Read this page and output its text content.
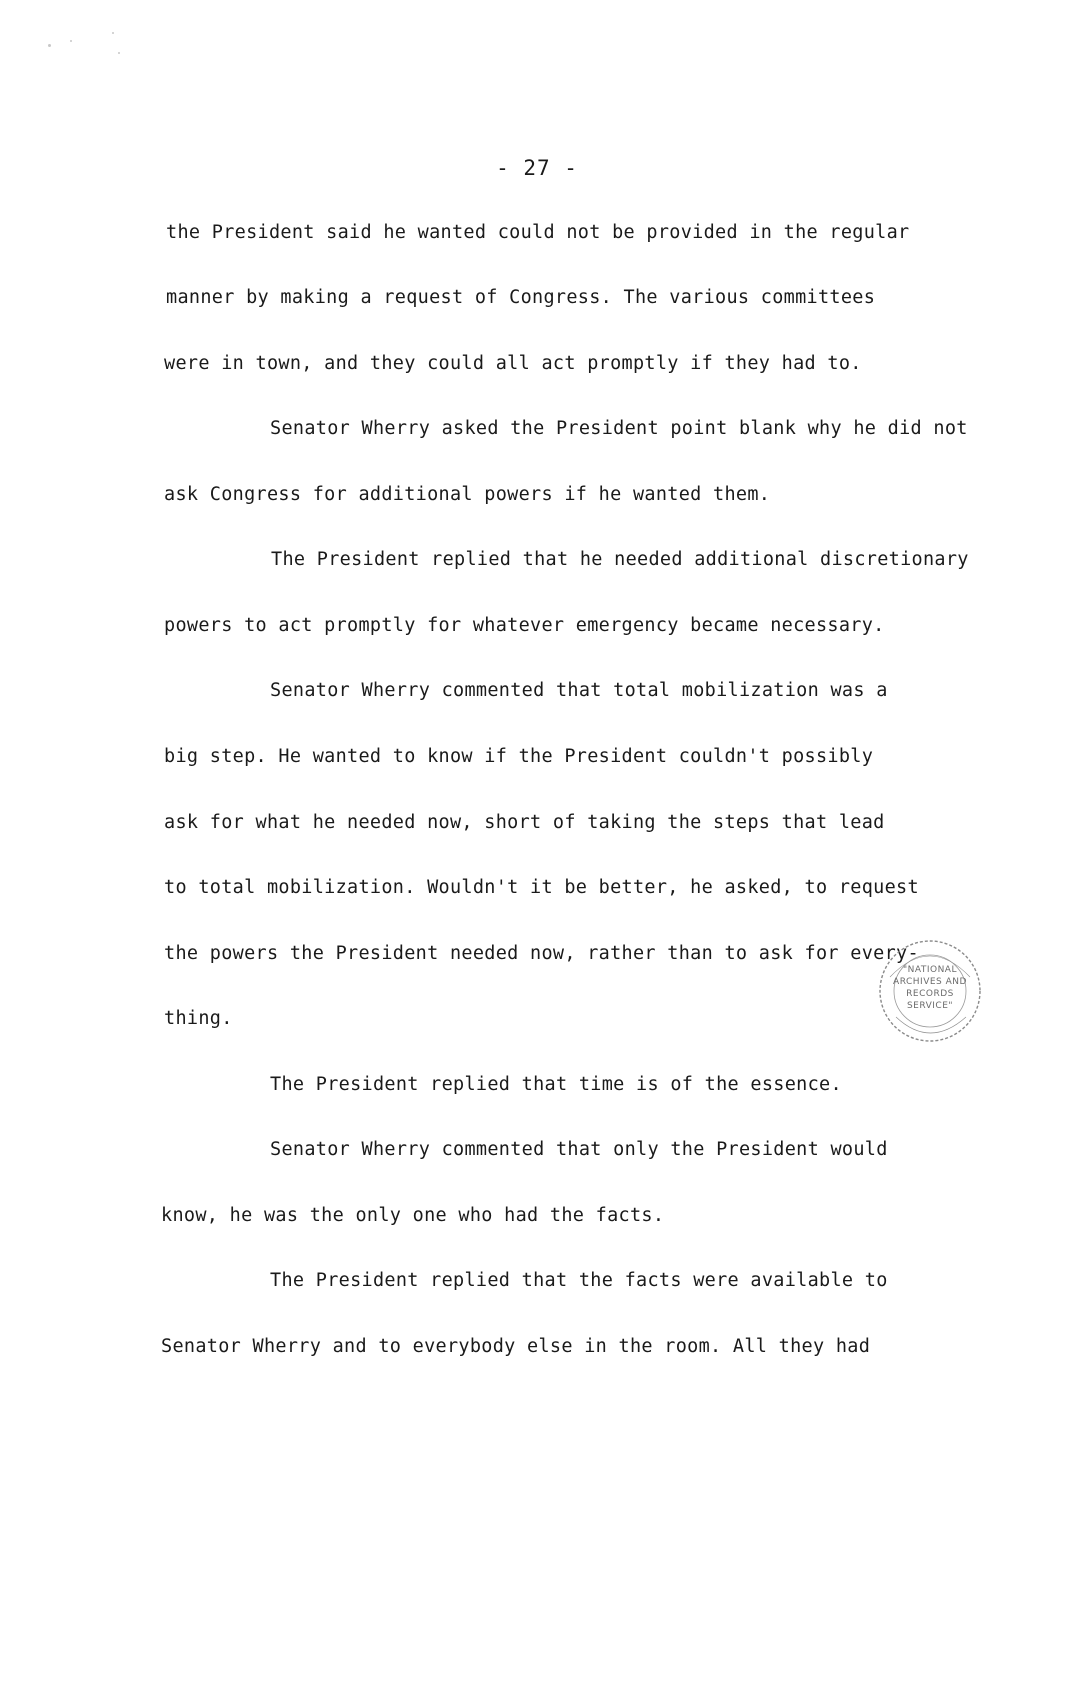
- 27 -
the President said he wanted could not be provided in the regular
manner by making a request of Congress. The various committees
were in town, and they could all act promptly if they had to.
Senator Wherry asked the President point blank why he did not
ask Congress for additional powers if he wanted them.
The President replied that he needed additional discretionary
powers to act promptly for whatever emergency became necessary.
Senator Wherry commented that total mobilization was a
big step. He wanted to know if the President couldn't possibly
ask for what he needed now, short of taking the steps that lead
to total mobilization. Wouldn't it be better, he asked, to request
the powers the President needed now, rather than to ask for every-
thing.
The President replied that time is of the essence.
Senator Wherry commented that only the President would
know, he was the only one who had the facts.
The President replied that the facts were available to
Senator Wherry and to everybody else in the room. All they had
"NATIONAL
ARCHIVES AND
RECORDS
SERVICE"
